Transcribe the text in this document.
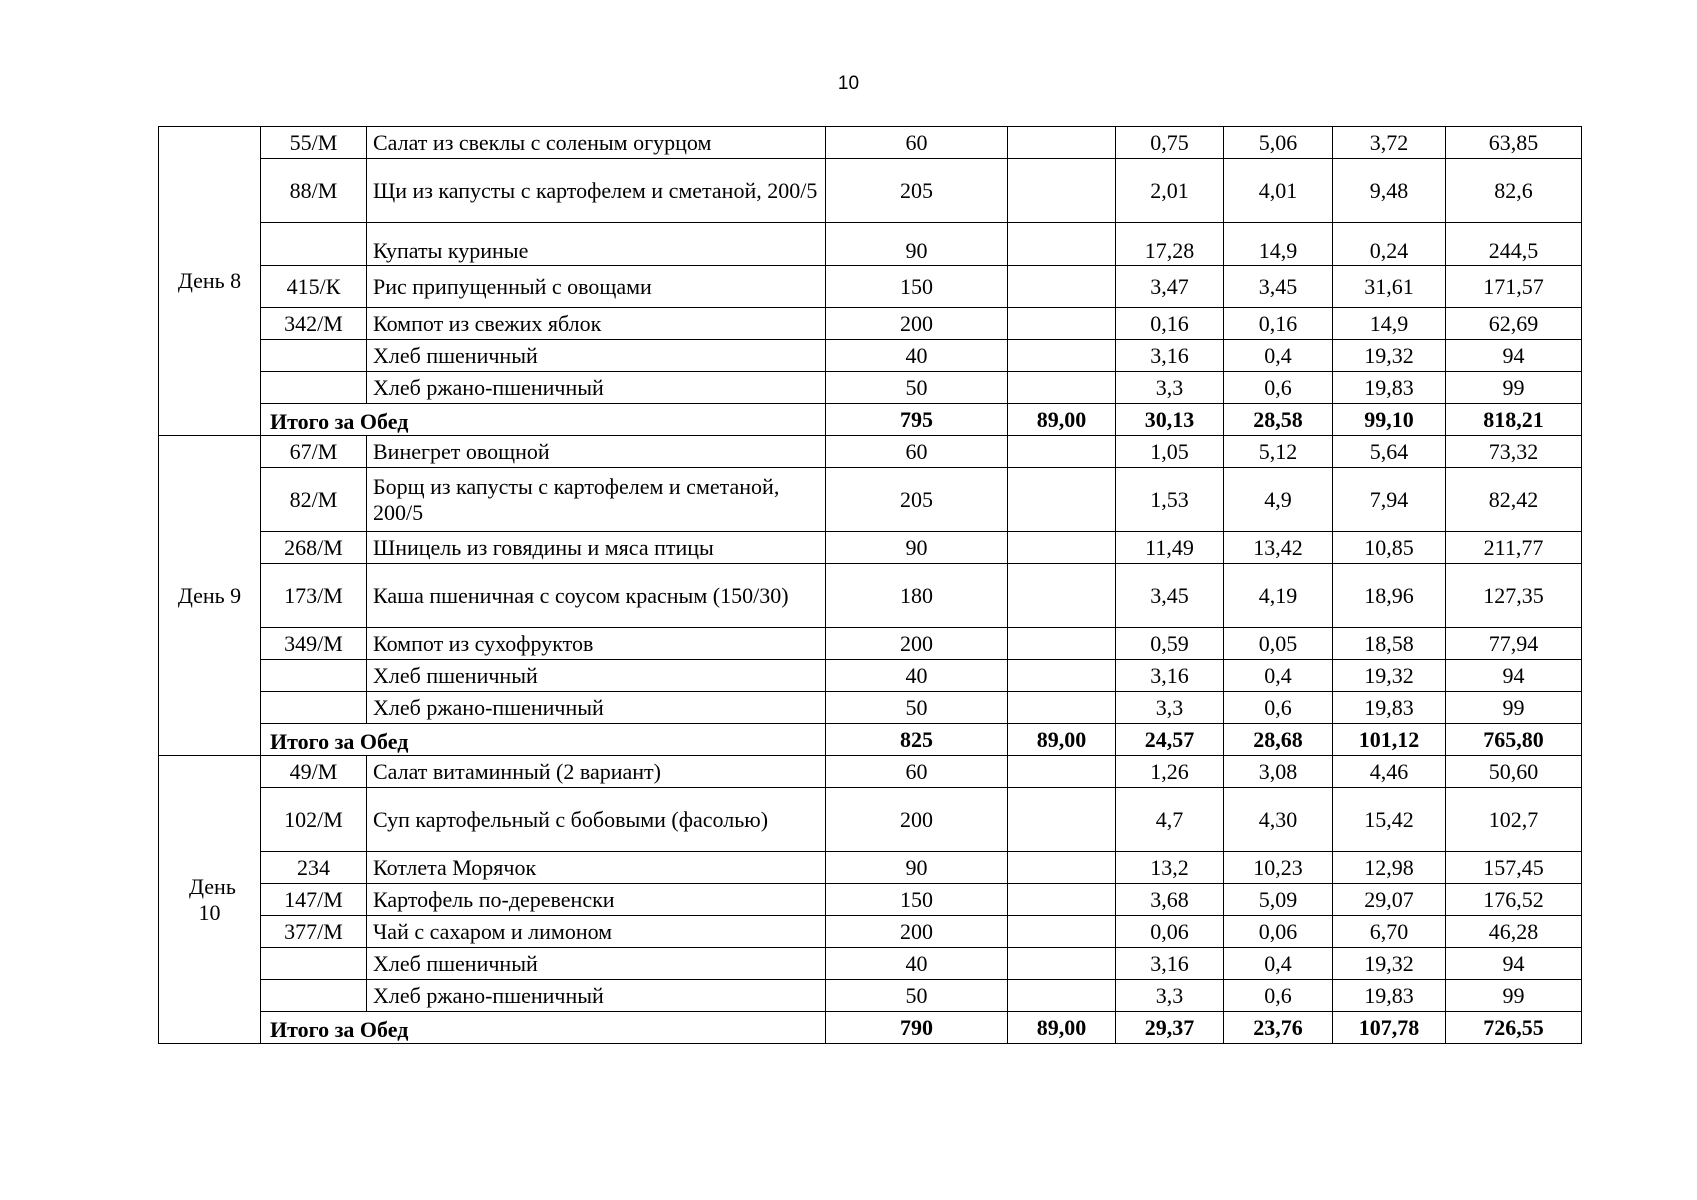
10
День 8	55/М	Салат из свеклы с соленым огурцом	60		0,75	5,06	3,72	63,85
	88/М	Щи из капусты с картофелем и сметаной, 200/5	205		2,01	4,01	9,48	82,6
		Купаты куриные	90		17,28	14,9	0,24	244,5
	415/К	Рис припущенный с овощами	150		3,47	3,45	31,61	171,57
	342/М	Компот из свежих яблок	200		0,16	0,16	14,9	62,69
		Хлеб пшеничный	40		3,16	0,4	19,32	94
		Хлеб ржано-пшеничный	50		3,3	0,6	19,83	99
	Итого за Обед		795	89,00	30,13	28,58	99,10	818,21
День 9	67/М	Винегрет овощной	60		1,05	5,12	5,64	73,32
	82/М	Борщ из капусты с картофелем и сметаной, 200/5	205		1,53	4,9	7,94	82,42
	268/М	Шницель из говядины и мяса птицы	90		11,49	13,42	10,85	211,77
	173/М	Каша пшеничная с соусом красным (150/30)	180		3,45	4,19	18,96	127,35
	349/М	Компот из сухофруктов	200		0,59	0,05	18,58	77,94
		Хлеб пшеничный	40		3,16	0,4	19,32	94
		Хлеб ржано-пшеничный	50		3,3	0,6	19,83	99
	Итого за Обед		825	89,00	24,57	28,68	101,12	765,80
День 10	49/М	Салат витаминный (2 вариант)	60		1,26	3,08	4,46	50,60
	102/М	Суп картофельный с бобовыми (фасолью)	200		4,7	4,30	15,42	102,7
	234	Котлета Морячок	90		13,2	10,23	12,98	157,45
	147/М	Картофель по-деревенски	150		3,68	5,09	29,07	176,52
	377/М	Чай с сахаром и лимоном	200		0,06	0,06	6,70	46,28
		Хлеб пшеничный	40		3,16	0,4	19,32	94
		Хлеб ржано-пшеничный	50		3,3	0,6	19,83	99
	Итого за Обед		790	89,00	29,37	23,76	107,78	726,55
